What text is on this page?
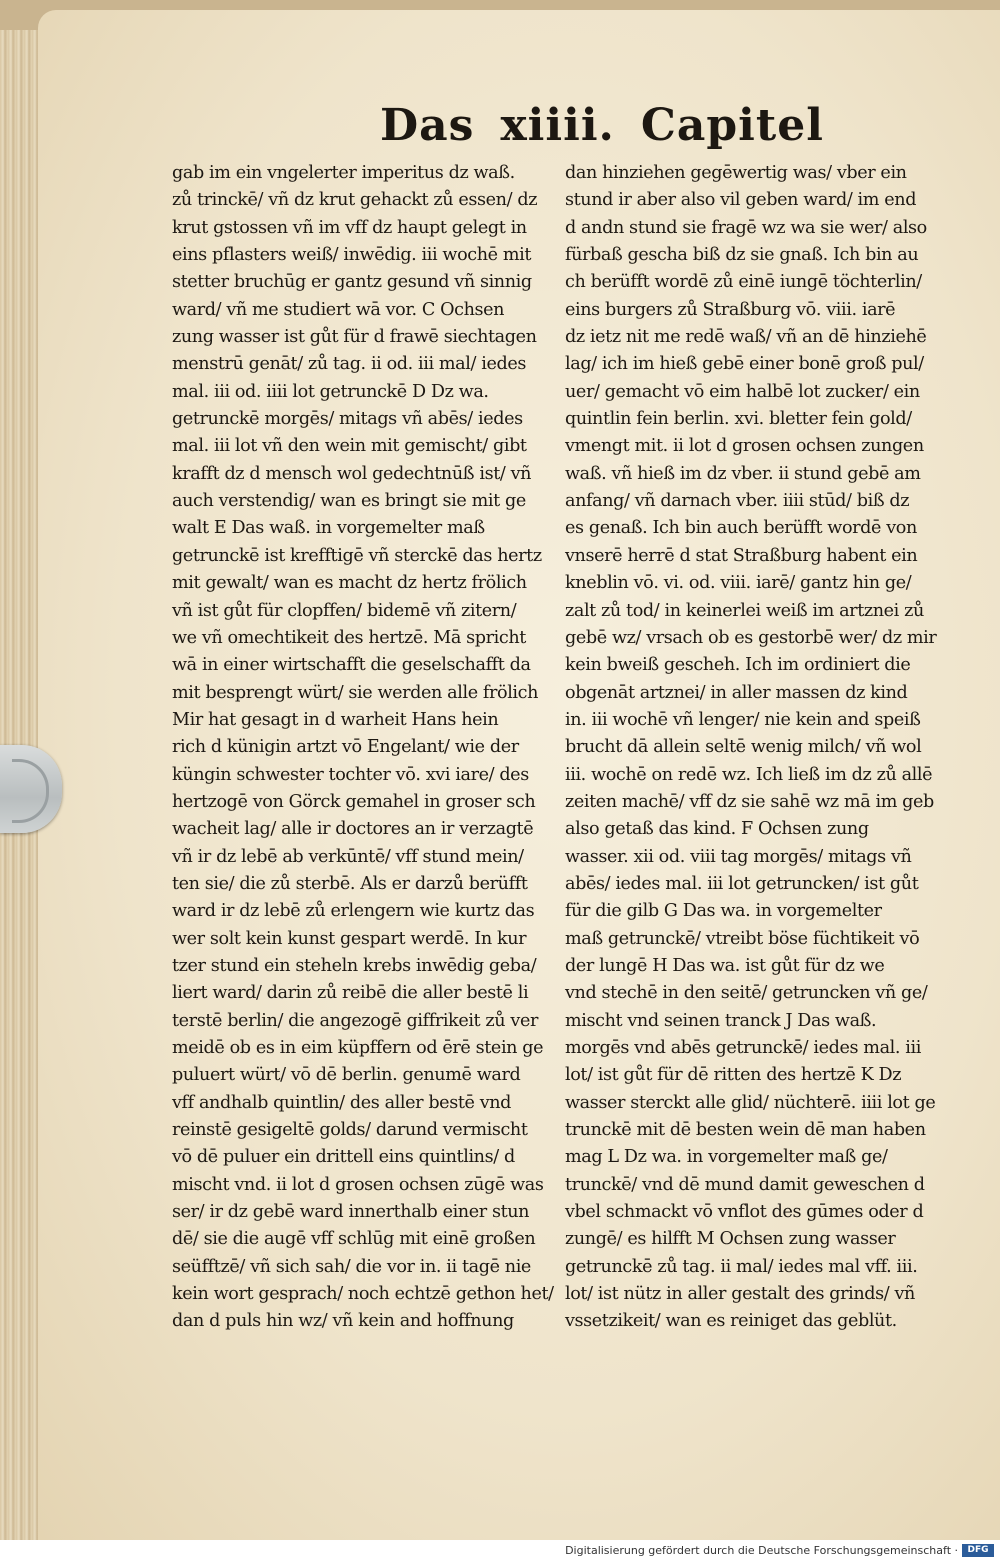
Das xiiii. Capitel
gab im ein vngelerter imperitus dz waß.
zů trinckē/ vñ dz krut gehackt zů essen/ dz
krut gstossen vñ im vff dz haupt gelegt in
eins pflasters weiß/ inwēdig. iii wochē mit
stetter bruchūg er gantz gesund vñ sinnig
ward/ vñ me studiert wā vor. C Ochsen
zung wasser ist gůt für d frawē siechtagen
menstrū genāt/ zů tag. ii od. iii mal/ iedes
mal. iii od. iiii lot getrunckē D Dz wa.
getrunckē morgēs/ mitags vñ abēs/ iedes
mal. iii lot vñ den wein mit gemischt/ gibt
krafft dz d mensch wol gedechtnūß ist/ vñ
auch verstendig/ wan es bringt sie mit ge
walt E Das waß. in vorgemelter maß
getrunckē ist krefftigē vñ sterckē das hertz
mit gewalt/ wan es macht dz hertz frölich
vñ ist gůt für clopffen/ bidemē vñ zitern/
we vñ omechtikeit des hertzē. Mā spricht
wā in einer wirtschafft die geselschafft da
mit besprengt würt/ sie werden alle frölich
Mir hat gesagt in d warheit Hans hein
rich d künigin artzt vō Engelant/ wie der
küngin schwester tochter vō. xvi iare/ des
hertzogē von Görck gemahel in groser sch
wacheit lag/ alle ir doctores an ir verzagtē
vñ ir dz lebē ab verkūntē/ vff stund mein/
ten sie/ die zů sterbē. Als er darzů berüfft
ward ir dz lebē zů erlengern wie kurtz das
wer solt kein kunst gespart werdē. In kur
tzer stund ein steheln krebs inwēdig geba/
liert ward/ darin zů reibē die aller bestē li
terstē berlin/ die angezogē giffrikeit zů ver
meidē ob es in eim küpffern od ērē stein ge
puluert würt/ vō dē berlin. genumē ward
vff andhalb quintlin/ des aller bestē vnd
reinstē gesigeltē golds/ darund vermischt
vō dē puluer ein drittell eins quintlins/ d
mischt vnd. ii lot d grosen ochsen zūgē was
ser/ ir dz gebē ward innerthalb einer stun
dē/ sie die augē vff schlūg mit einē großen
seüfftzē/ vñ sich sah/ die vor in. ii tagē nie
kein wort gesprach/ noch echtzē gethon het/
dan d puls hin wz/ vñ kein and hoffnung
dan hinziehen gegēwertig was/ vber ein
stund ir aber also vil geben ward/ im end
d andn stund sie fragē wz wa sie wer/ also
fürbaß gescha biß dz sie gnaß. Ich bin au
ch berüfft wordē zů einē iungē töchterlin/
eins burgers zů Straßburg vō. viii. iarē
dz ietz nit me redē waß/ vñ an dē hinziehē
lag/ ich im hieß gebē einer bonē groß pul/
uer/ gemacht vō eim halbē lot zucker/ ein
quintlin fein berlin. xvi. bletter fein gold/
vmengt mit. ii lot d grosen ochsen zungen
waß. vñ hieß im dz vber. ii stund gebē am
anfang/ vñ darnach vber. iiii stūd/ biß dz
es genaß. Ich bin auch berüfft wordē von
vnserē herrē d stat Straßburg habent ein
kneblin vō. vi. od. viii. iarē/ gantz hin ge/
zalt zů tod/ in keinerlei weiß im artznei zů
gebē wz/ vrsach ob es gestorbē wer/ dz mir
kein bweiß gescheh. Ich im ordiniert die
obgenāt artznei/ in aller massen dz kind
in. iii wochē vñ lenger/ nie kein and speiß
brucht dā allein seltē wenig milch/ vñ wol
iii. wochē on redē wz. Ich ließ im dz zů allē
zeiten machē/ vff dz sie sahē wz mā im geb
also getaß das kind. F Ochsen zung
wasser. xii od. viii tag morgēs/ mitags vñ
abēs/ iedes mal. iii lot getruncken/ ist gůt
für die gilb G Das wa. in vorgemelter
maß getrunckē/ vtreibt böse füchtikeit vō
der lungē H Das wa. ist gůt für dz we
vnd stechē in den seitē/ getruncken vñ ge/
mischt vnd seinen tranck J Das waß.
morgēs vnd abēs getrunckē/ iedes mal. iii
lot/ ist gůt für dē ritten des hertzē K Dz
wasser sterckt alle glid/ nüchterē. iiii lot ge
trunckē mit dē besten wein dē man haben
mag L Dz wa. in vorgemelter maß ge/
trunckē/ vnd dē mund damit geweschen d
vbel schmackt vō vnflot des gūmes oder d
zungē/ es hilfft M Ochsen zung wasser
getrunckē zů tag. ii mal/ iedes mal vff. iii.
lot/ ist nütz in aller gestalt des grinds/ vñ
vssetzikeit/ wan es reiniget das geblüt.
Digitalisierung gefördert durch die Deutsche Forschungsgemeinschaft ·	DFG
